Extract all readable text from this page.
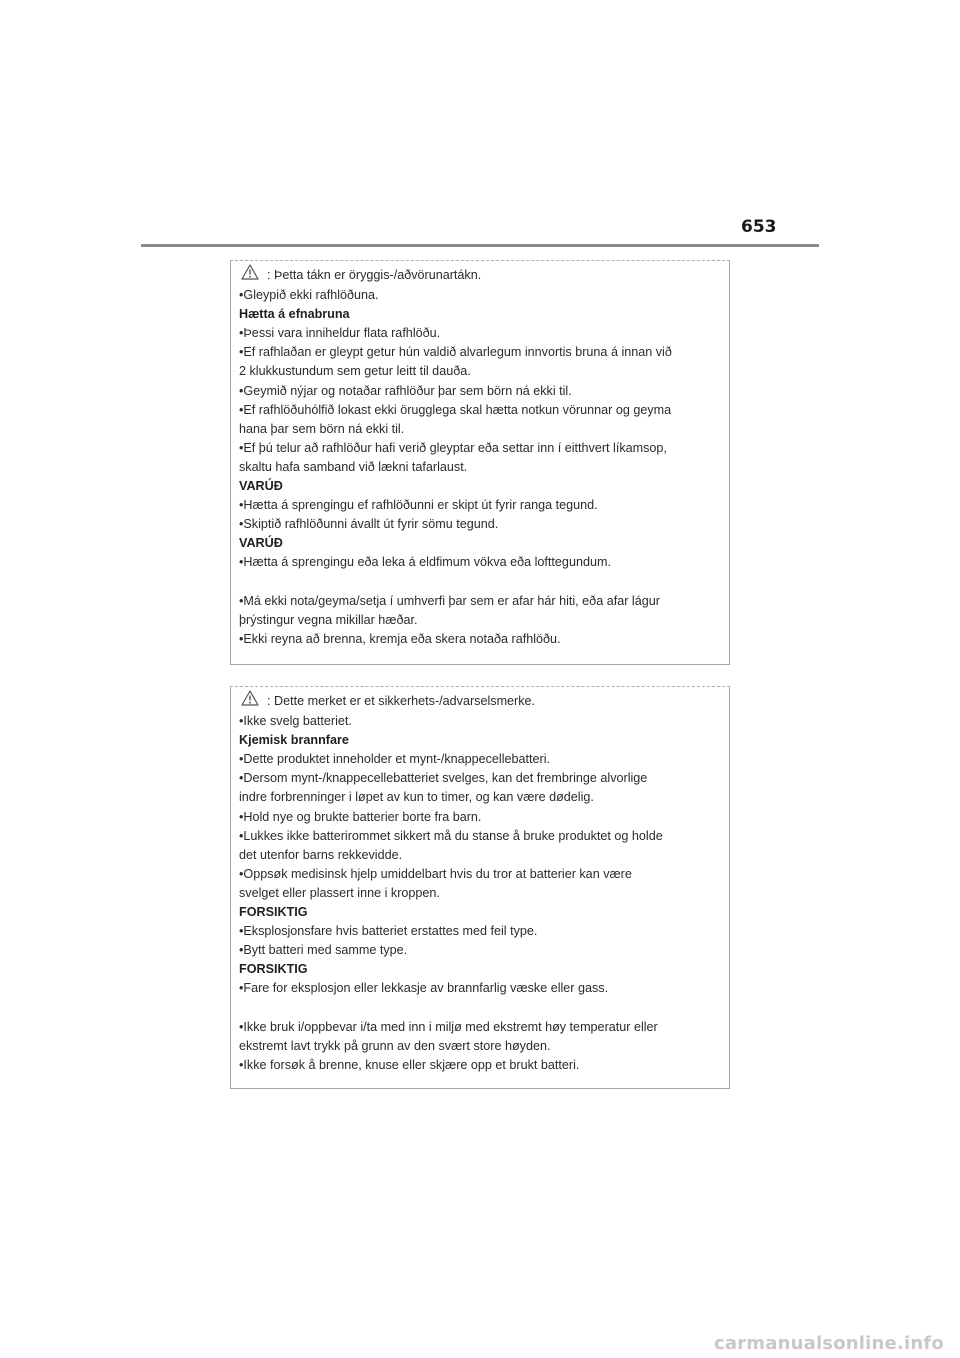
653
: Þetta tákn er öryggis-/aðvörunartákn.
•Gleypið ekki rafhlöðuna.
Hætta á efnabruna
•Þessi vara inniheldur flata rafhlöðu.
•Ef rafhlaðan er gleypt getur hún valdið alvarlegum innvortis bruna á innan við
2 klukkustundum sem getur leitt til dauða.
•Geymið nýjar og notaðar rafhlöður þar sem börn ná ekki til.
•Ef rafhlöðuhólfið lokast ekki örugglega skal hætta notkun vörunnar og geyma
hana þar sem börn ná ekki til.
•Ef þú telur að rafhlöður hafi verið gleyptar eða settar inn í eitthvert líkamsop,
skaltu hafa samband við lækni tafarlaust.
VARÚÐ
•Hætta á sprengingu ef rafhlöðunni er skipt út fyrir ranga tegund.
•Skiptið rafhlöðunni ávallt út fyrir sömu tegund.
VARÚÐ
•Hætta á sprengingu eða leka á eldfimum vökva eða lofttegundum.
•Má ekki nota/geyma/setja í umhverfi þar sem er afar hár hiti, eða afar lágur
þrýstingur vegna mikillar hæðar.
•Ekki reyna að brenna, kremja eða skera notaða rafhlöðu.
: Dette merket er et sikkerhets-/advarselsmerke.
•Ikke svelg batteriet.
Kjemisk brannfare
•Dette produktet inneholder et mynt-/knappecellebatteri.
•Dersom mynt-/knappecellebatteriet svelges, kan det frembringe alvorlige
indre forbrenninger i løpet av kun to timer, og kan være dødelig.
•Hold nye og brukte batterier borte fra barn.
•Lukkes ikke batterirommet sikkert må du stanse å bruke produktet og holde
det utenfor barns rekkevidde.
•Oppsøk medisinsk hjelp umiddelbart hvis du tror at batterier kan være
svelget eller plassert inne i kroppen.
FORSIKTIG
•Eksplosjonsfare hvis batteriet erstattes med feil type.
•Bytt batteri med samme type.
FORSIKTIG
•Fare for eksplosjon eller lekkasje av brannfarlig væske eller gass.
•Ikke bruk i/oppbevar i/ta med inn i miljø med ekstremt høy temperatur eller
ekstremt lavt trykk på grunn av den svært store høyden.
•Ikke forsøk å brenne, knuse eller skjære opp et brukt batteri.
carmanualsonline.info
